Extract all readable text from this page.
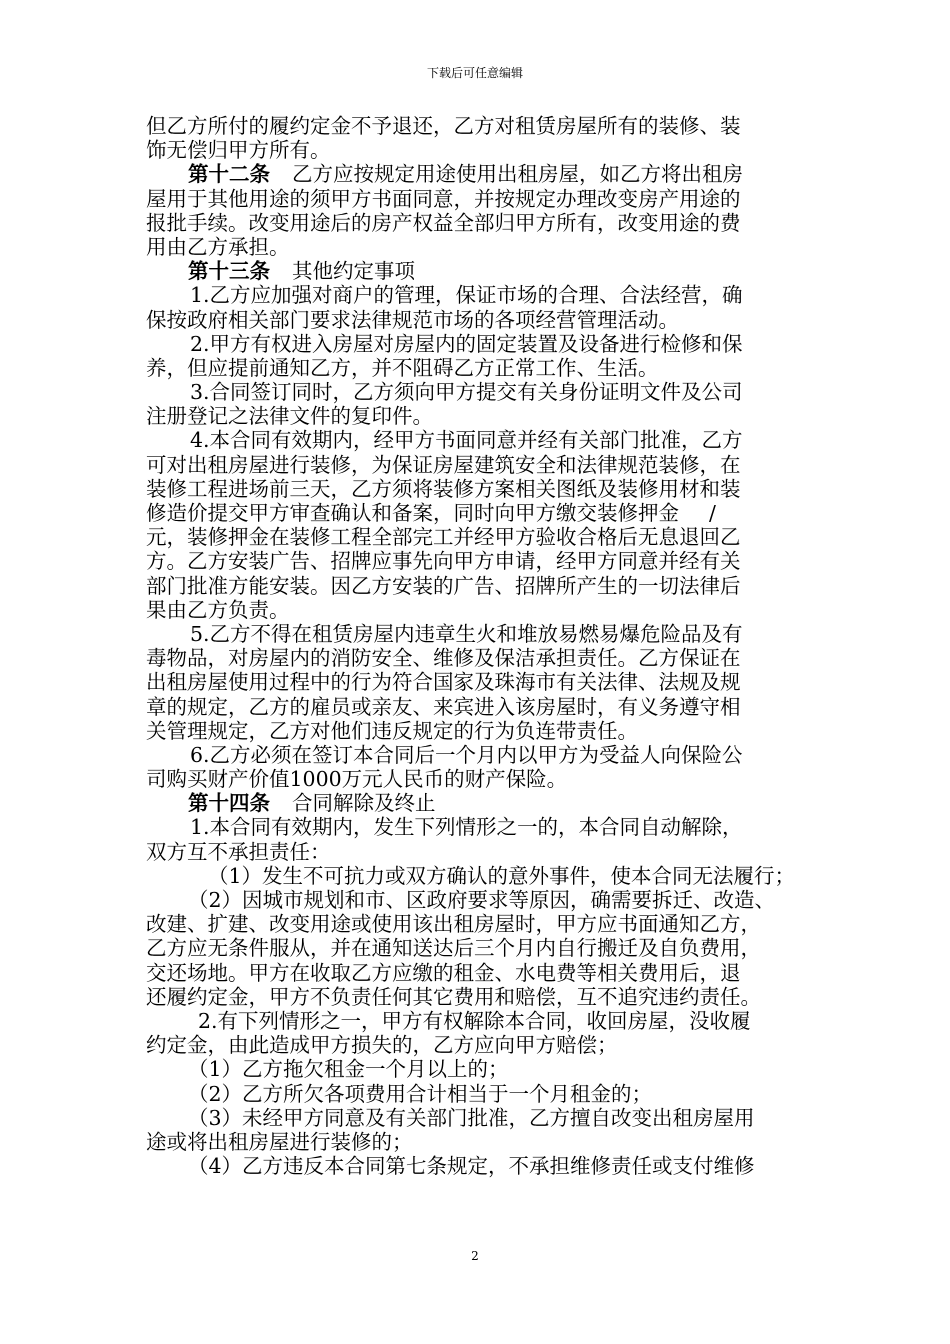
下载后可任意编辑
但乙方所付的履约定金不予退还，乙方对租赁房屋所有的装修、装
饰无偿归甲方所有。
第十二条 乙方应按规定用途使用出租房屋，如乙方将出租房
屋用于其他用途的须甲方书面同意，并按规定办理改变房产用途的
报批手续。改变用途后的房产权益全部归甲方所有，改变用途的费
用由乙方承担。
第十三条 其他约定事项
1.乙方应加强对商户的管理，保证市场的合理、合法经营，确
保按政府相关部门要求法律规范市场的各项经营管理活动。
2.甲方有权进入房屋对房屋内的固定装置及设备进行检修和保
养，但应提前通知乙方，并不阻碍乙方正常工作、生活。
3.合同签订同时，乙方须向甲方提交有关身份证明文件及公司
注册登记之法律文件的复印件。
4.本合同有效期内，经甲方书面同意并经有关部门批准，乙方
可对出租房屋进行装修，为保证房屋建筑安全和法律规范装修，在
装修工程进场前三天，乙方须将装修方案相关图纸及装修用材和装
修造价提交甲方审查确认和备案，同时向甲方缴交装修押金 /
元，装修押金在装修工程全部完工并经甲方验收合格后无息退回乙
方。乙方安装广告、招牌应事先向甲方申请，经甲方同意并经有关
部门批准方能安装。因乙方安装的广告、招牌所产生的一切法律后
果由乙方负责。
5.乙方不得在租赁房屋内违章生火和堆放易燃易爆危险品及有
毒物品，对房屋内的消防安全、维修及保洁承担责任。乙方保证在
出租房屋使用过程中的行为符合国家及珠海市有关法律、法规及规
章的规定，乙方的雇员或亲友、来宾进入该房屋时，有义务遵守相
关管理规定，乙方对他们违反规定的行为负连带责任。
6.乙方必须在签订本合同后一个月内以甲方为受益人向保险公
司购买财产价值1000万元人民币的财产保险。
第十四条 合同解除及终止
1.本合同有效期内，发生下列情形之一的，本合同自动解除，
双方互不承担责任：
（1）发生不可抗力或双方确认的意外事件，使本合同无法履行；
（2）因城市规划和市、区政府要求等原因，确需要拆迁、改造、
改建、扩建、改变用途或使用该出租房屋时，甲方应书面通知乙方，
乙方应无条件服从，并在通知送达后三个月内自行搬迁及自负费用，
交还场地。甲方在收取乙方应缴的租金、水电费等相关费用后，退
还履约定金，甲方不负责任何其它费用和赔偿，互不追究违约责任。
2.有下列情形之一，甲方有权解除本合同，收回房屋，没收履
约定金，由此造成甲方损失的，乙方应向甲方赔偿；
（1）乙方拖欠租金一个月以上的；
（2）乙方所欠各项费用合计相当于一个月租金的；
（3）未经甲方同意及有关部门批准，乙方擅自改变出租房屋用
途或将出租房屋进行装修的；
（4）乙方违反本合同第七条规定，不承担维修责任或支付维修
2
